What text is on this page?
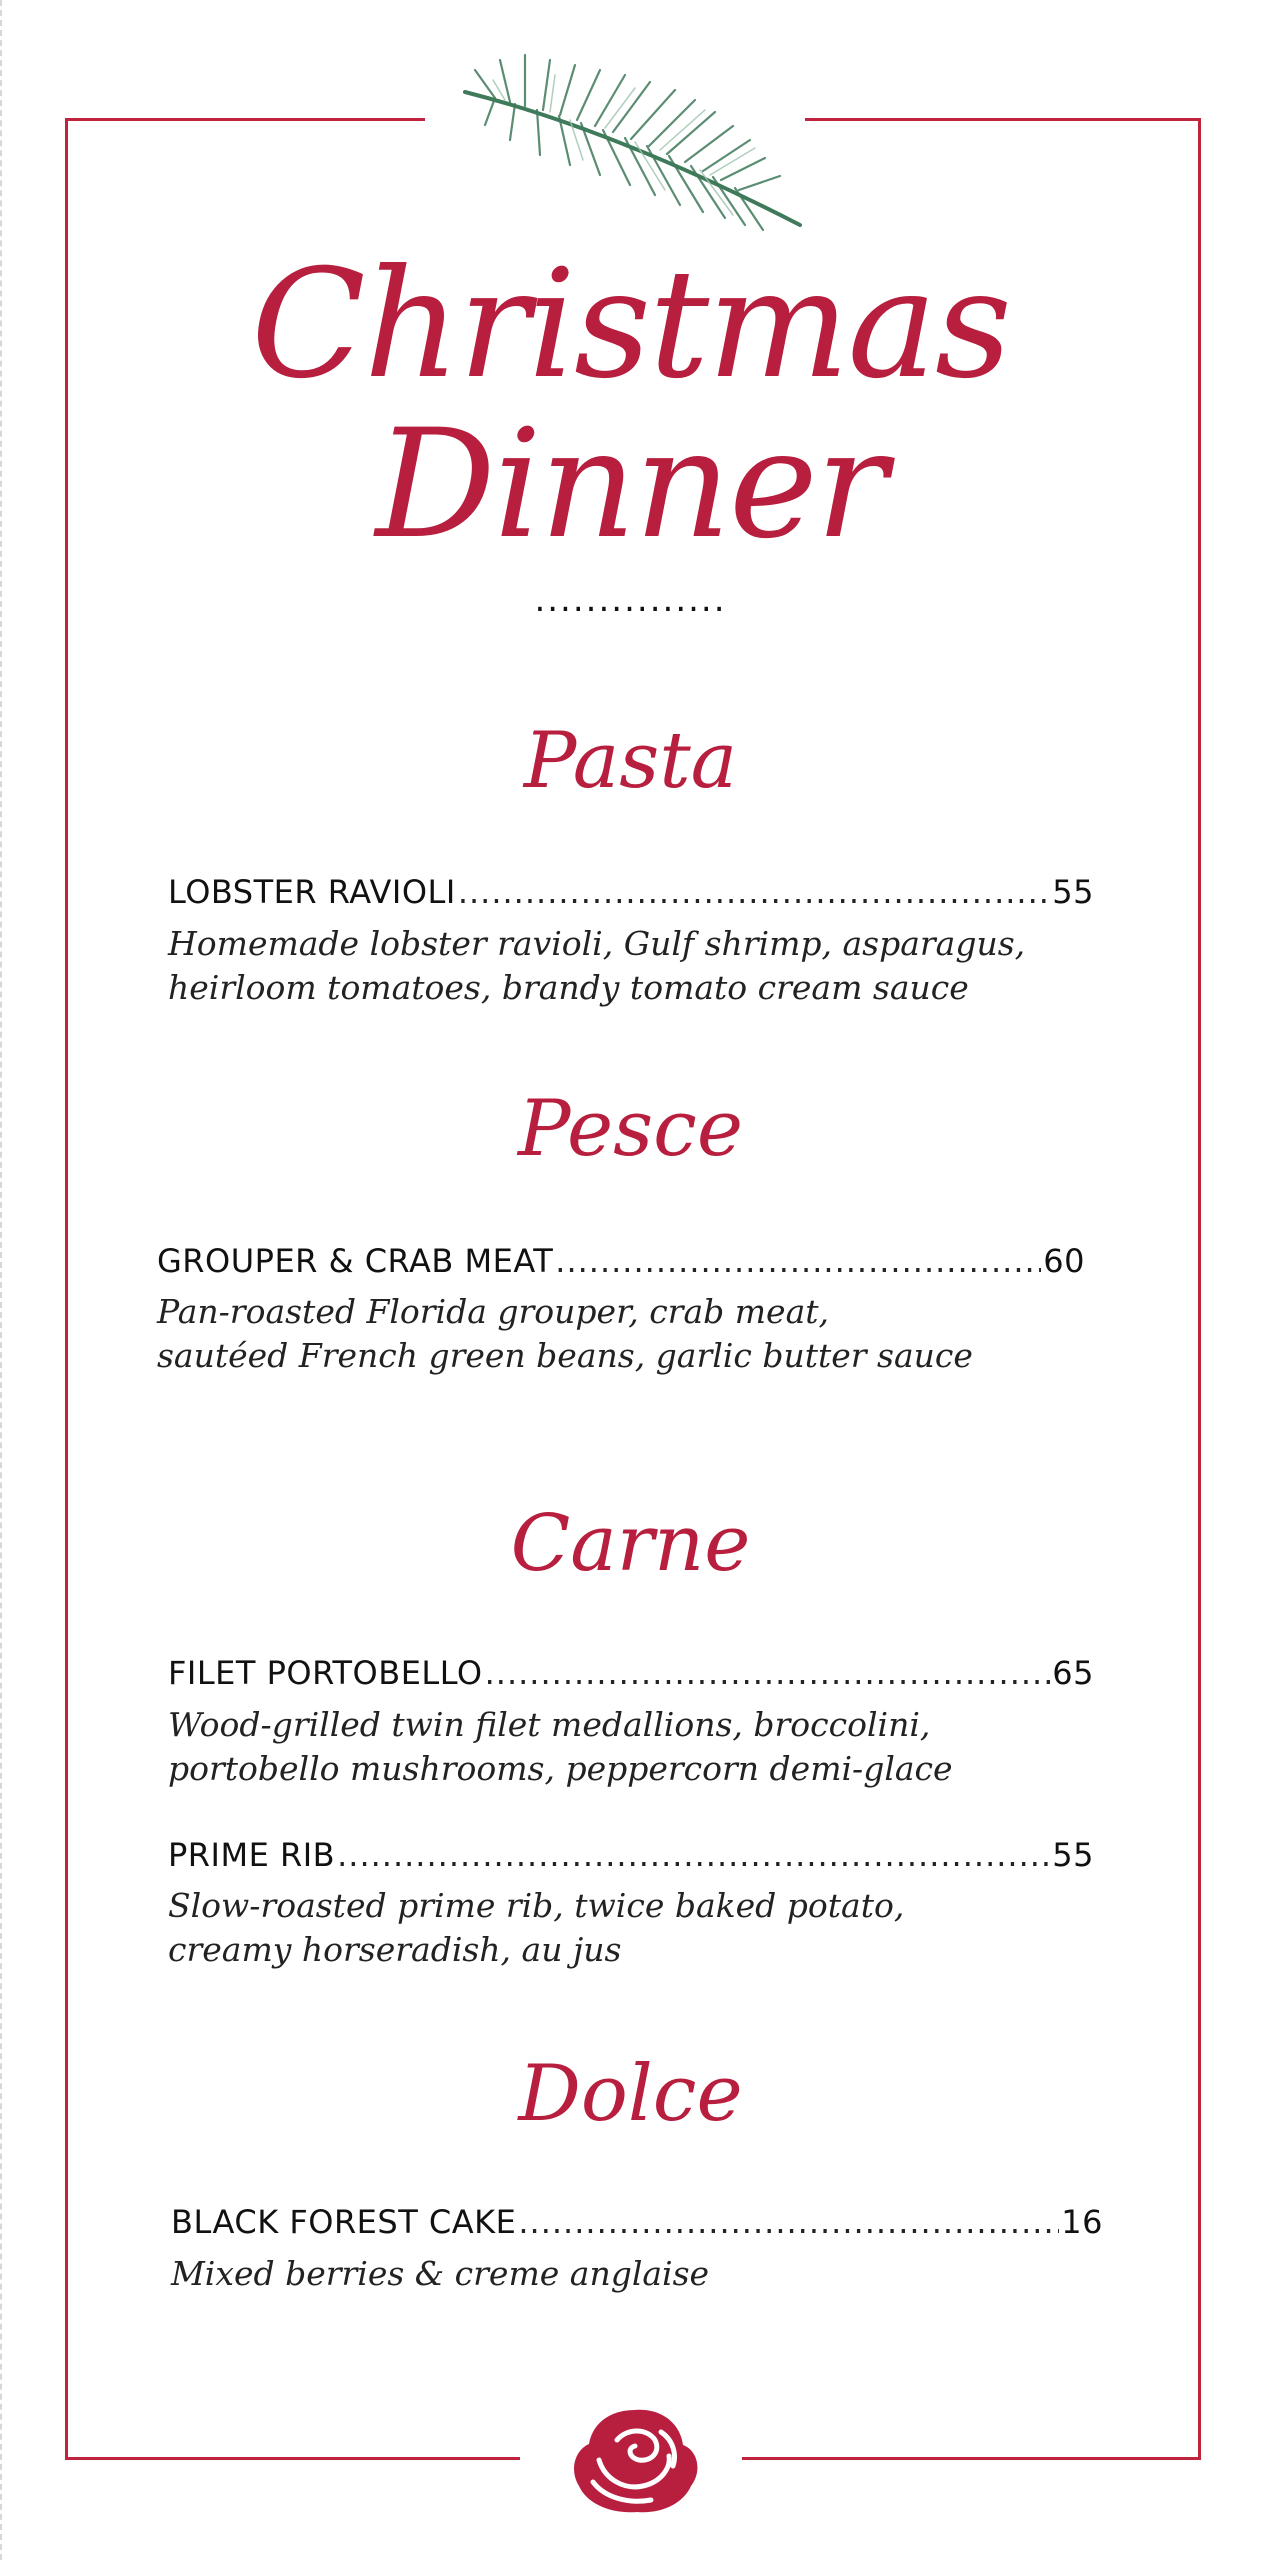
Christmas
Dinner
...............
Pasta
LOBSTER RAVIOLI .....	55
Homemade lobster ravioli, Gulf shrimp, asparagus,
heirloom tomatoes, brandy tomato cream sauce
Pesce
GROUPER & CRAB MEAT .....	60
Pan-roasted Florida grouper, crab meat,
sautéed French green beans, garlic butter sauce
Carne
FILET PORTOBELLO .....	65
Wood-grilled twin filet medallions, broccolini,
portobello mushrooms, peppercorn demi-glace
PRIME RIB .....	55
Slow-roasted prime rib, twice baked potato,
creamy horseradish, au jus
Dolce
BLACK FOREST CAKE .....	16
Mixed berries & creme anglaise
